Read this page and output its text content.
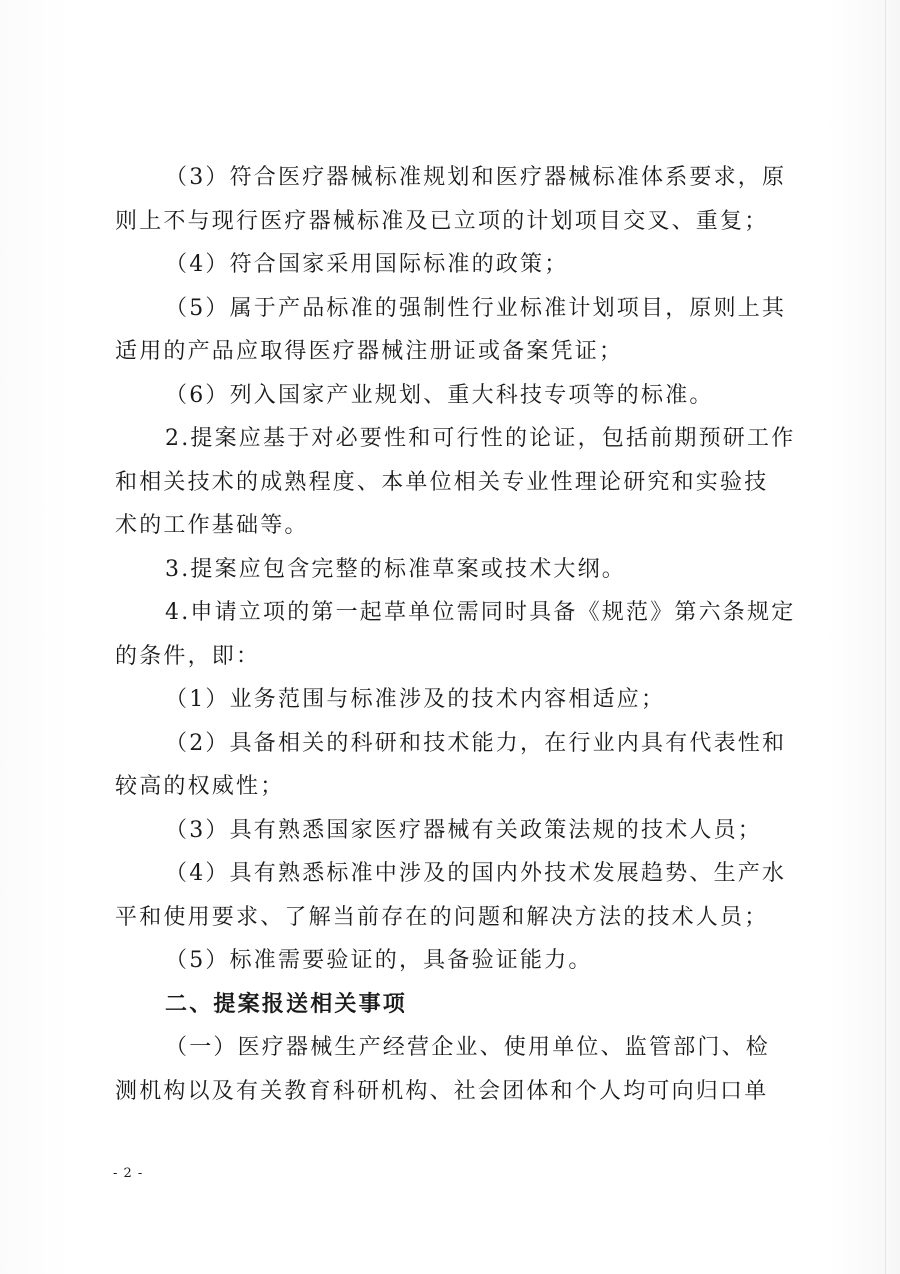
（3）符合医疗器械标准规划和医疗器械标准体系要求，原
则上不与现行医疗器械标准及已立项的计划项目交叉、重复；
（4）符合国家采用国际标准的政策；
（5）属于产品标准的强制性行业标准计划项目，原则上其
适用的产品应取得医疗器械注册证或备案凭证；
（6）列入国家产业规划、重大科技专项等的标准。
2.提案应基于对必要性和可行性的论证，包括前期预研工作
和相关技术的成熟程度、本单位相关专业性理论研究和实验技
术的工作基础等。
3.提案应包含完整的标准草案或技术大纲。
4.申请立项的第一起草单位需同时具备《规范》第六条规定
的条件，即：
（1）业务范围与标准涉及的技术内容相适应；
（2）具备相关的科研和技术能力，在行业内具有代表性和
较高的权威性；
（3）具有熟悉国家医疗器械有关政策法规的技术人员；
（4）具有熟悉标准中涉及的国内外技术发展趋势、生产水
平和使用要求、了解当前存在的问题和解决方法的技术人员；
（5）标准需要验证的，具备验证能力。
二、提案报送相关事项
（一）医疗器械生产经营企业、使用单位、监管部门、检
测机构以及有关教育科研机构、社会团体和个人均可向归口单
- 2 -
